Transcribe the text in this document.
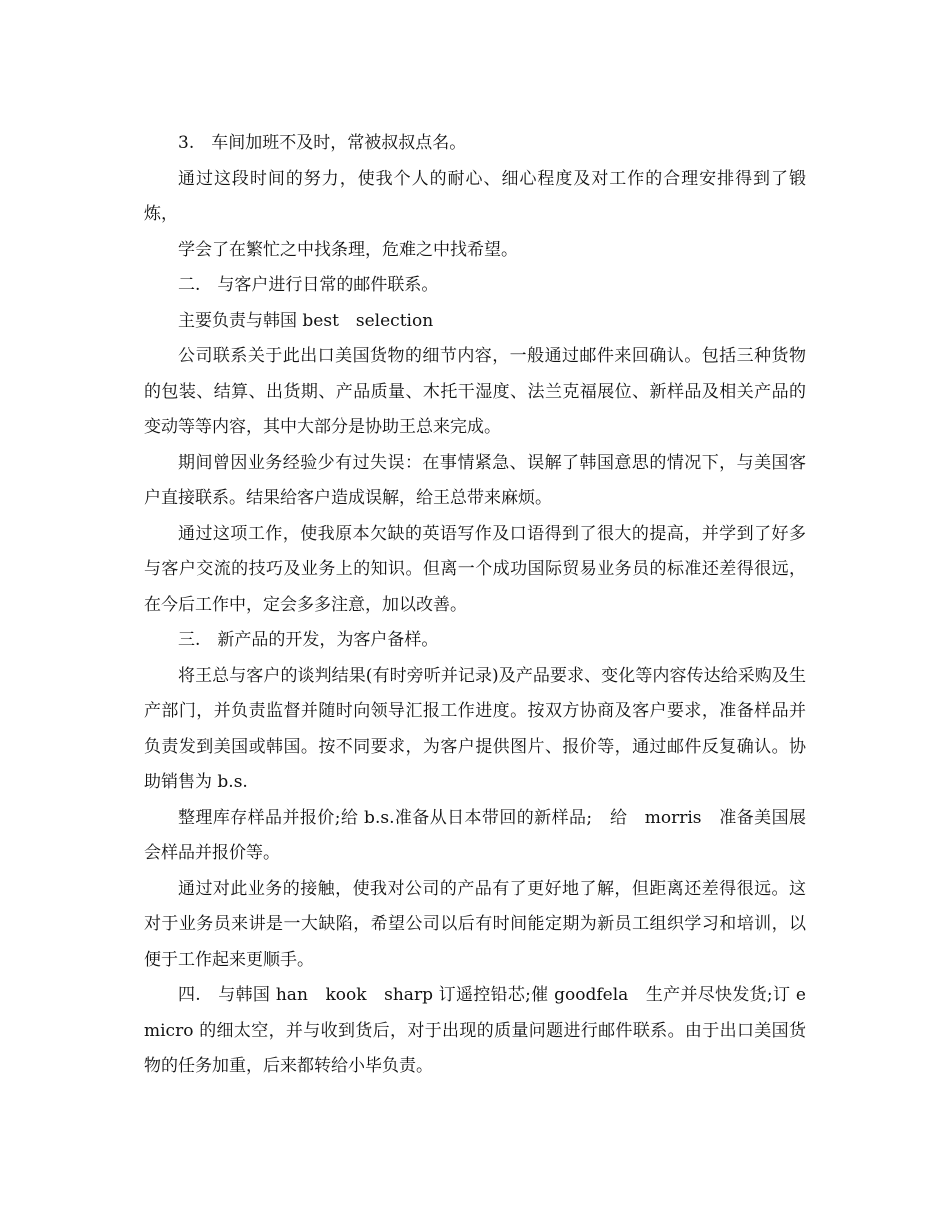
3.　车间加班不及时，常被叔叔点名。

通过这段时间的努力，使我个人的耐心、细心程度及对工作的合理安排得到了锻炼，

学会了在繁忙之中找条理，危难之中找希望。

二.　与客户进行日常的邮件联系。

主要负责与韩国 best　selection

公司联系关于此出口美国货物的细节内容，一般通过邮件来回确认。包括三种货物的包装、结算、出货期、产品质量、木托干湿度、法兰克福展位、新样品及相关产品的变动等等内容，其中大部分是协助王总来完成。

期间曾因业务经验少有过失误：在事情紧急、误解了韩国意思的情况下，与美国客户直接联系。结果给客户造成误解，给王总带来麻烦。

通过这项工作，使我原本欠缺的英语写作及口语得到了很大的提高，并学到了好多与客户交流的技巧及业务上的知识。但离一个成功国际贸易业务员的标准还差得很远，在今后工作中，定会多多注意，加以改善。

三.　新产品的开发，为客户备样。

将王总与客户的谈判结果(有时旁听并记录)及产品要求、变化等内容传达给采购及生产部门，并负责监督并随时向领导汇报工作进度。按双方协商及客户要求，准备样品并负责发到美国或韩国。按不同要求，为客户提供图片、报价等，通过邮件反复确认。协助销售为 b.s.

整理库存样品并报价;给 b.s.准备从日本带回的新样品;　给　morris　准备美国展会样品并报价等。

通过对此业务的接触，使我对公司的产品有了更好地了解，但距离还差得很远。这对于业务员来讲是一大缺陷，希望公司以后有时间能定期为新员工组织学习和培训，以便于工作起来更顺手。

四.　与韩国 han　kook　sharp 订遥控铅芯;催 goodfela　生产并尽快发货;订 emicro 的细太空，并与收到货后，对于出现的质量问题进行邮件联系。由于出口美国货物的任务加重，后来都转给小毕负责。
